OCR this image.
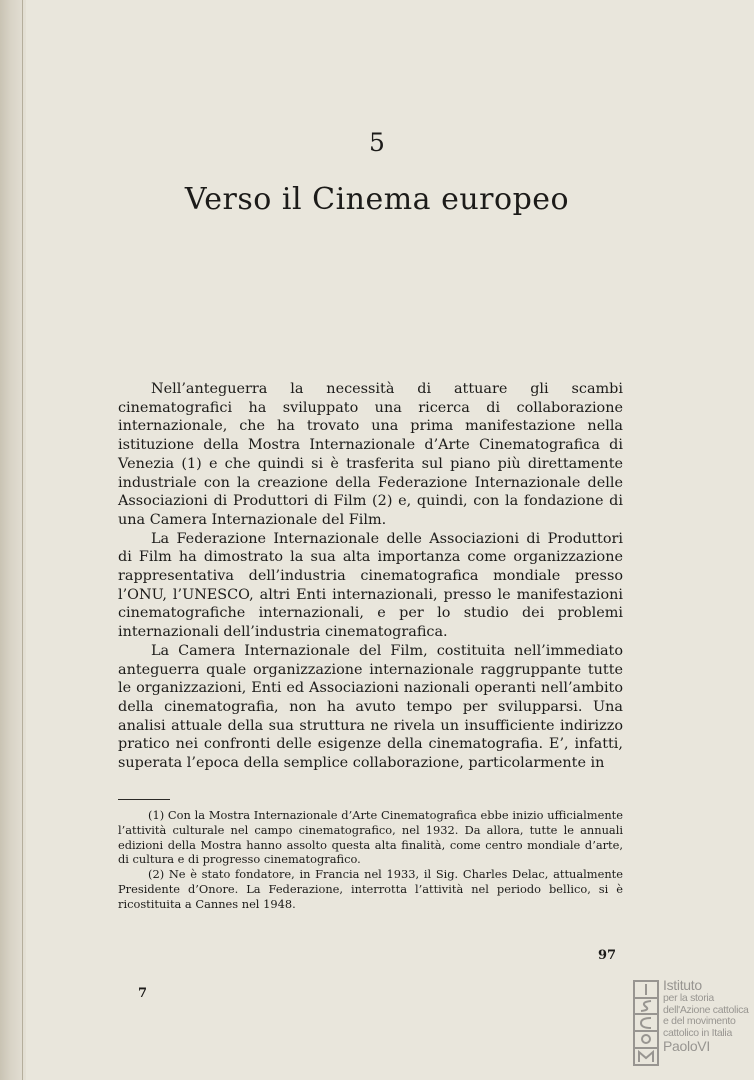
5
Verso il Cinema europeo

Nell’anteguerra la necessità di attuare gli scambi cinematografici ha sviluppato una ricerca di collaborazione internazionale, che ha trovato una prima manifestazione nella istituzione della Mostra Internazionale d’Arte Cinematografica di Venezia (1) e che quindi si è trasferita sul piano più direttamente industriale con la creazione della Federazione Internazionale delle Associazioni di Produttori di Film (2) e, quindi, con la fondazione di una Camera Internazionale del Film.

La Federazione Internazionale delle Associazioni di Produttori di Film ha dimostrato la sua alta importanza come organizzazione rappresentativa dell’industria cinematografica mondiale presso l’ONU, l’UNESCO, altri Enti internazionali, presso le manifestazioni cinematografiche internazionali, e per lo studio dei problemi internazionali dell’industria cinematografica.

La Camera Internazionale del Film, costituita nell’immediato anteguerra quale organizzazione internazionale raggruppante tutte le organizzazioni, Enti ed Associazioni nazionali operanti nell’ambito della cinematografia, non ha avuto tempo per svilupparsi. Una analisi attuale della sua struttura ne rivela un insufficiente indirizzo pratico nei confronti delle esigenze della cinematografia. E’, infatti, superata l’epoca della semplice collaborazione, particolarmente in

(1) Con la Mostra Internazionale d’Arte Cinematografica ebbe inizio ufficialmente l’attività culturale nel campo cinematografico, nel 1932. Da allora, tutte le annuali edizioni della Mostra hanno assolto questa alta finalità, come centro mondiale d’arte, di cultura e di progresso cinematografico.

(2) Ne è stato fondatore, in Francia nel 1933, il Sig. Charles Delac, attualmente Presidente d’Onore. La Federazione, interrotta l’attività nel periodo bellico, si è ricostituita a Cannes nel 1948.

97
7
Istituto
per la storia
dell'Azione cattolica
e del movimento
cattolico in Italia
PaoloVI
